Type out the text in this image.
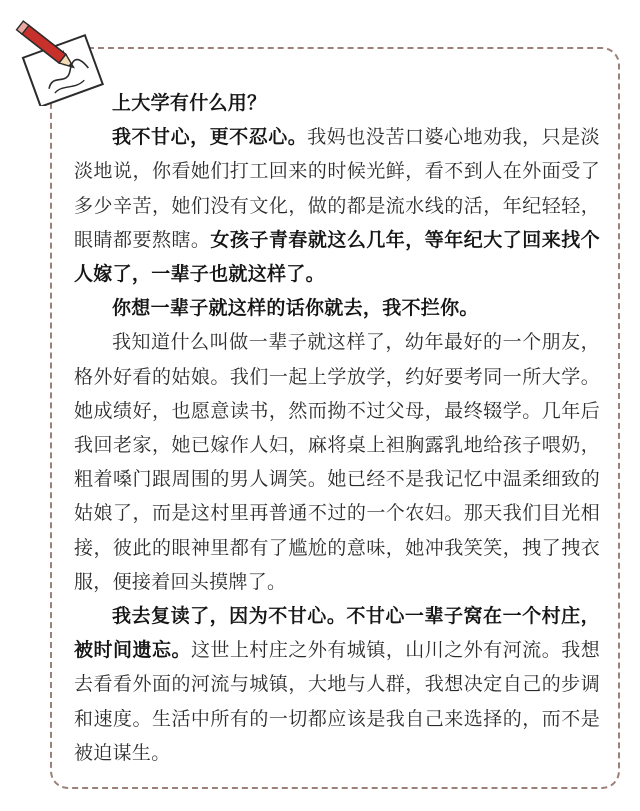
上大学有什么用？

我不甘心，更不忍心。我妈也没苦口婆心地劝我，只是淡淡地说，你看她们打工回来的时候光鲜，看不到人在外面受了多少辛苦，她们没有文化，做的都是流水线的活，年纪轻轻，眼睛都要熬瞎。女孩子青春就这么几年，等年纪大了回来找个人嫁了，一辈子也就这样了。

你想一辈子就这样的话你就去，我不拦你。

我知道什么叫做一辈子就这样了，幼年最好的一个朋友，格外好看的姑娘。我们一起上学放学，约好要考同一所大学。她成绩好，也愿意读书，然而拗不过父母，最终辍学。几年后我回老家，她已嫁作人妇，麻将桌上袒胸露乳地给孩子喂奶，粗着嗓门跟周围的男人调笑。她已经不是我记忆中温柔细致的姑娘了，而是这村里再普通不过的一个农妇。那天我们目光相接，彼此的眼神里都有了尴尬的意味，她冲我笑笑，拽了拽衣服，便接着回头摸牌了。

我去复读了，因为不甘心。不甘心一辈子窝在一个村庄，被时间遗忘。这世上村庄之外有城镇，山川之外有河流。我想去看看外面的河流与城镇，大地与人群，我想决定自己的步调和速度。生活中所有的一切都应该是我自己来选择的，而不是被迫谋生。
